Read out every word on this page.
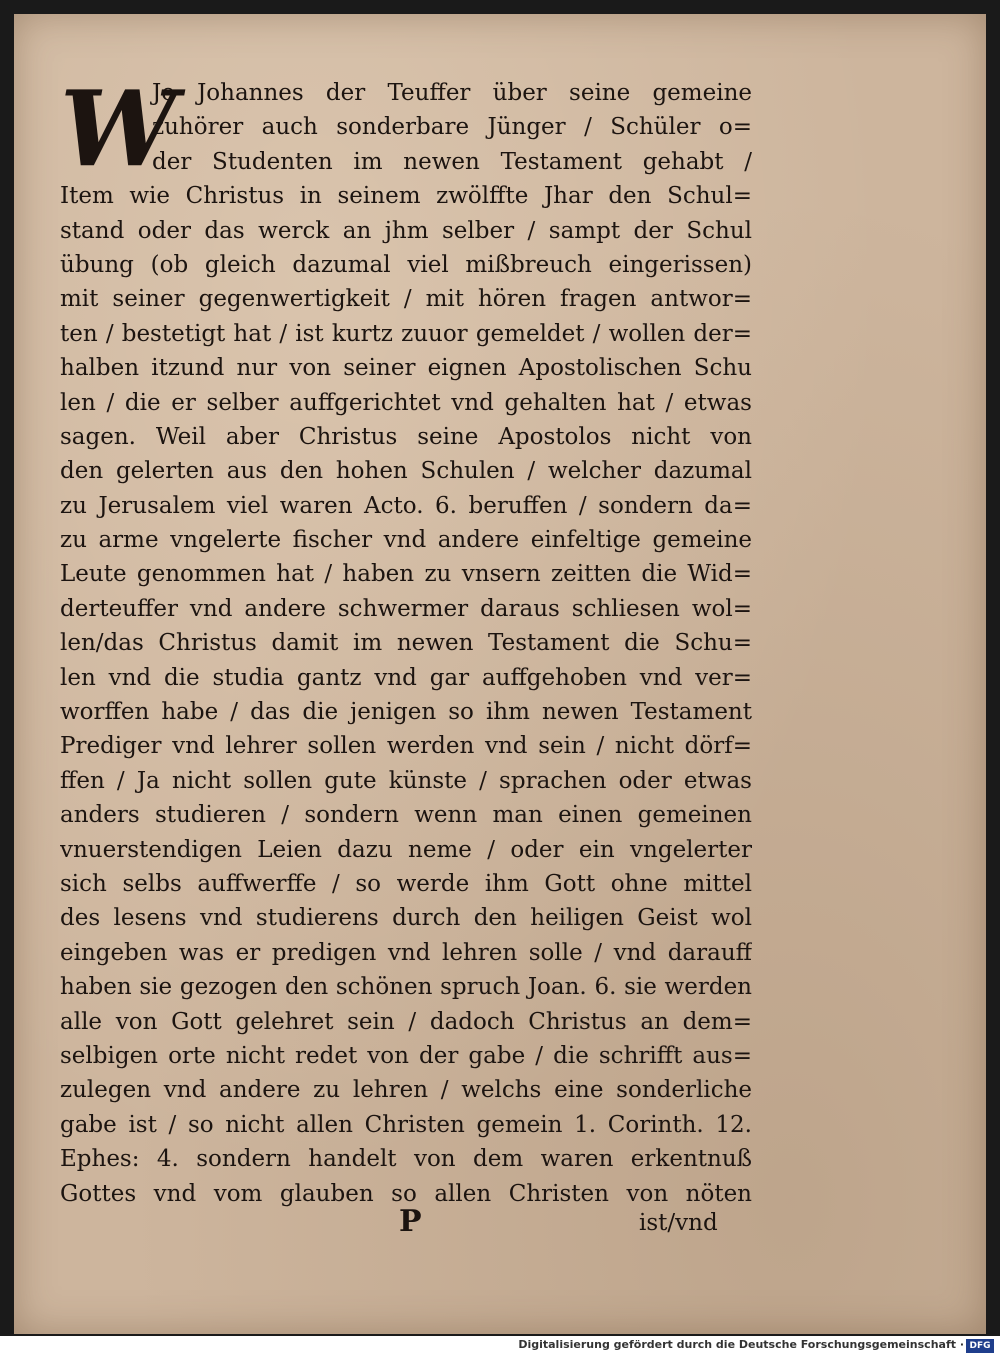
W
Je Johannes der Teuffer über seine gemeine
zuhörer auch sonderbare Jünger / Schüler o=
der Studenten im newen Testament gehabt /
Item wie Christus in seinem zwölffte Jhar den Schul=
stand oder das werck an jhm selber / sampt der Schul
übung (ob gleich dazumal viel mißbreuch eingerissen)
mit seiner gegenwertigkeit / mit hören fragen antwor=
ten / bestetigt hat / ist kurtz zuuor gemeldet / wollen der=
halben itzund nur von seiner eignen Apostolischen Schu
len / die er selber auffgerichtet vnd gehalten hat / etwas
sagen. Weil aber Christus seine Apostolos nicht von
den gelerten aus den hohen Schulen / welcher dazumal
zu Jerusalem viel waren Acto. 6. beruffen / sondern da=
zu arme vngelerte fischer vnd andere einfeltige gemeine
Leute genommen hat / haben zu vnsern zeitten die Wid=
derteuffer vnd andere schwermer daraus schliesen wol=
len/das Christus damit im newen Testament die Schu=
len vnd die studia gantz vnd gar auffgehoben vnd ver=
worffen habe / das die jenigen so ihm newen Testament
Prediger vnd lehrer sollen werden vnd sein / nicht dörf=
ffen / Ja nicht sollen gute künste / sprachen oder etwas
anders studieren / sondern wenn man einen gemeinen
vnuerstendigen Leien dazu neme / oder ein vngelerter
sich selbs auffwerffe / so werde ihm Gott ohne mittel
des lesens vnd studierens durch den heiligen Geist wol
eingeben was er predigen vnd lehren solle / vnd darauff
haben sie gezogen den schönen spruch Joan. 6. sie werden
alle von Gott gelehret sein / dadoch Christus an dem=
selbigen orte nicht redet von der gabe / die schrifft aus=
zulegen vnd andere zu lehren / welchs eine sonderliche
gabe ist / so nicht allen Christen gemein 1. Corinth. 12.
Ephes: 4. sondern handelt von dem waren erkentnuß
Gottes vnd vom glauben so allen Christen von nöten
P	ist/vnd
Digitalisierung gefördert durch die Deutsche Forschungsgemeinschaft · DFG
